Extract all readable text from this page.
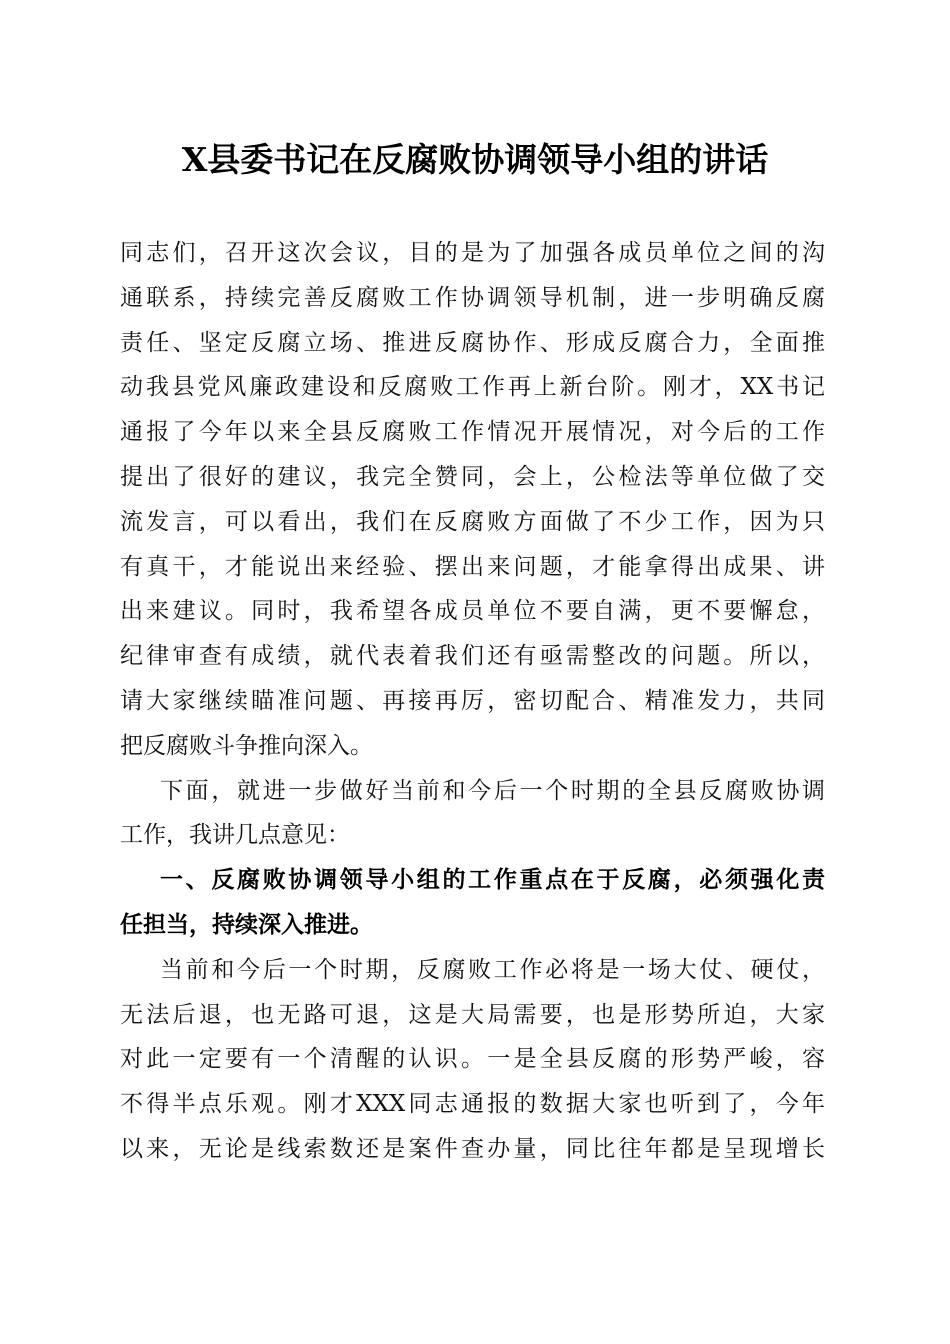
X县委书记在反腐败协调领导小组的讲话
同志们，召开这次会议，目的是为了加强各成员单位之间的沟
通联系，持续完善反腐败工作协调领导机制，进一步明确反腐
责任、坚定反腐立场、推进反腐协作、形成反腐合力，全面推
动我县党风廉政建设和反腐败工作再上新台阶。刚才，XX书记
通报了今年以来全县反腐败工作情况开展情况，对今后的工作
提出了很好的建议，我完全赞同，会上，公检法等单位做了交
流发言，可以看出，我们在反腐败方面做了不少工作，因为只
有真干，才能说出来经验、摆出来问题，才能拿得出成果、讲
出来建议。同时，我希望各成员单位不要自满，更不要懈怠，
纪律审查有成绩，就代表着我们还有亟需整改的问题。所以，
请大家继续瞄准问题、再接再厉，密切配合、精准发力，共同
把反腐败斗争推向深入。
下面，就进一步做好当前和今后一个时期的全县反腐败协调
工作，我讲几点意见：
一、反腐败协调领导小组的工作重点在于反腐，必须强化责
任担当，持续深入推进。
当前和今后一个时期，反腐败工作必将是一场大仗、硬仗，
无法后退，也无路可退，这是大局需要，也是形势所迫，大家
对此一定要有一个清醒的认识。一是全县反腐的形势严峻，容
不得半点乐观。刚才XXX同志通报的数据大家也听到了，今年
以来，无论是线索数还是案件查办量，同比往年都是呈现增长
